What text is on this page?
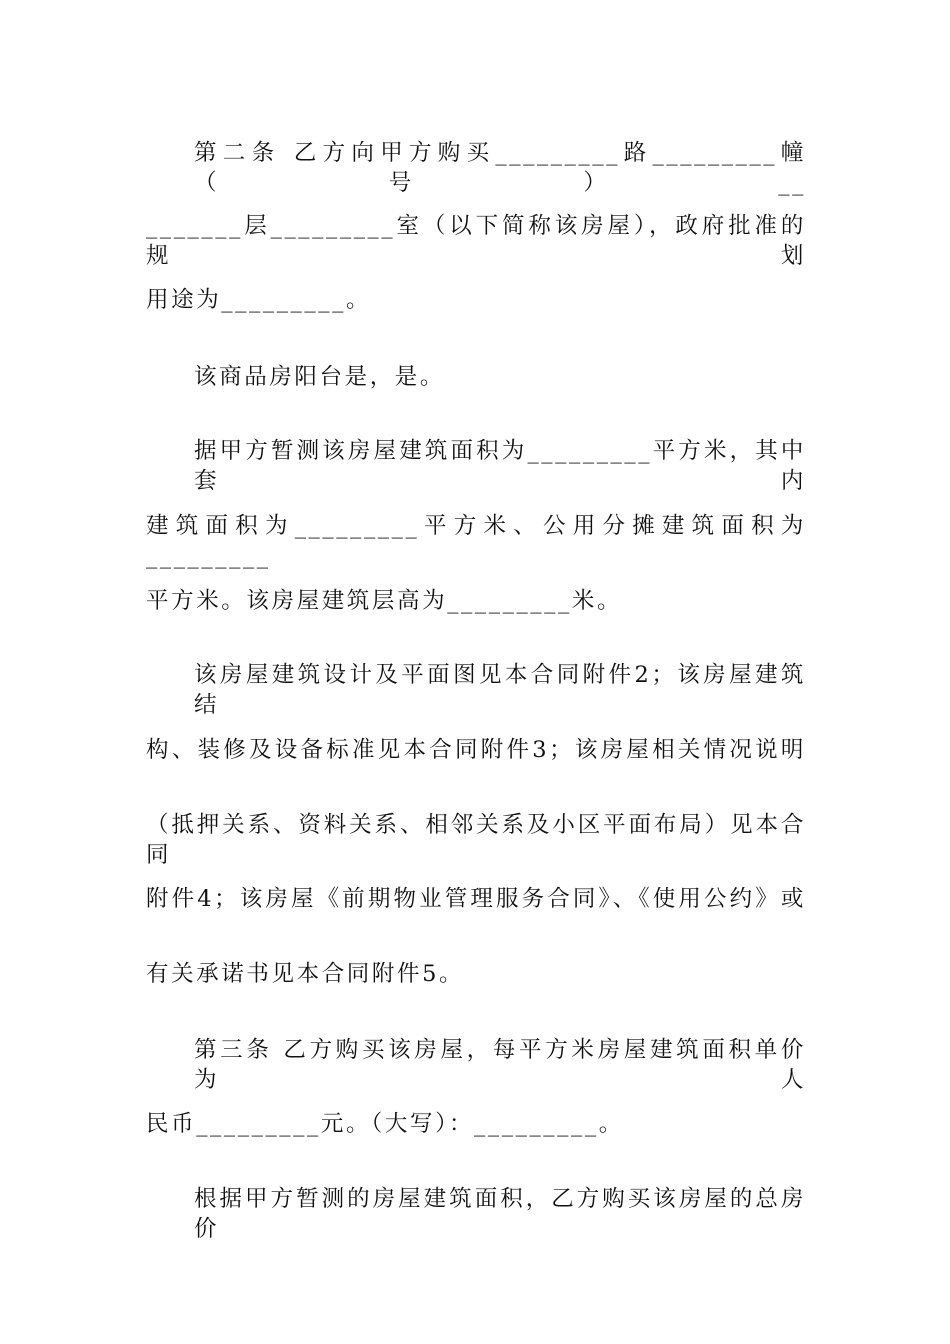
第二条 乙方向甲方购买_________路_________幢（号）__
_______层_________室（以下简称该房屋），政府批准的规划
用途为_________。
该商品房阳台是，是。
据甲方暂测该房屋建筑面积为_________平方米，其中套内
建筑面积为_________平方米、公用分摊建筑面积为_________
平方米。该房屋建筑层高为_________米。
该房屋建筑设计及平面图见本合同附件2；该房屋建筑结
构、装修及设备标准见本合同附件3；该房屋相关情况说明
（抵押关系、资料关系、相邻关系及小区平面布局）见本合同
附件4；该房屋《前期物业管理服务合同》、《使用公约》或
有关承诺书见本合同附件5。
第三条 乙方购买该房屋，每平方米房屋建筑面积单价为人
民币_________元。（大写）：_________。
根据甲方暂测的房屋建筑面积，乙方购买该房屋的总房价
